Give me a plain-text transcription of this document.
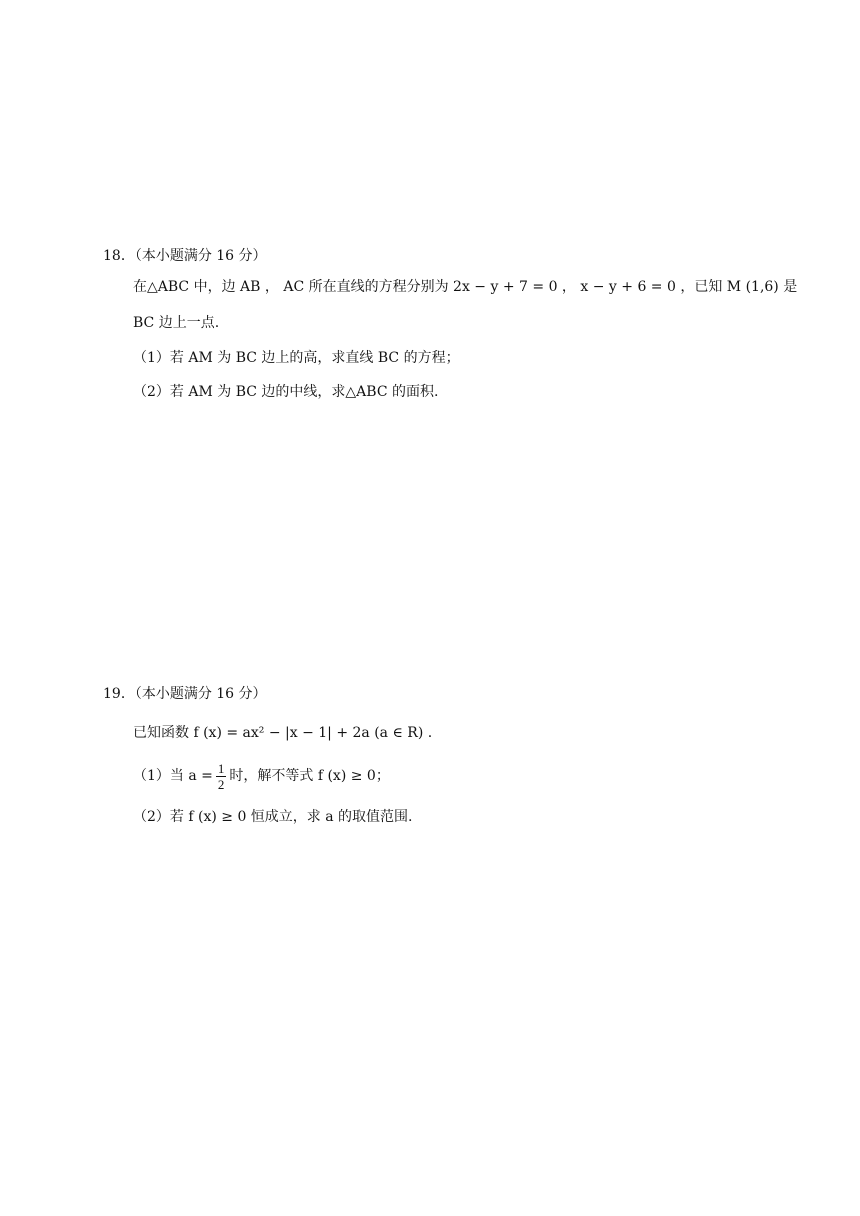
18．（本小题满分 16 分）
在△ABC 中，边 AB ， AC 所在直线的方程分别为 2x − y + 7 = 0 ， x − y + 6 = 0 ，已知 M (1,6) 是
BC 边上一点.
（1）若 AM 为 BC 边上的高，求直线 BC 的方程；
（2）若 AM 为 BC 边的中线，求△ABC 的面积.
19．（本小题满分 16 分）
已知函数 f (x) = ax² − |x − 1| + 2a (a ∈ R) .
（1）当 $a = \frac{1}{2}$ 时，解不等式 f (x) ≥ 0；
（2）若 f (x) ≥ 0 恒成立，求 a 的取值范围.
